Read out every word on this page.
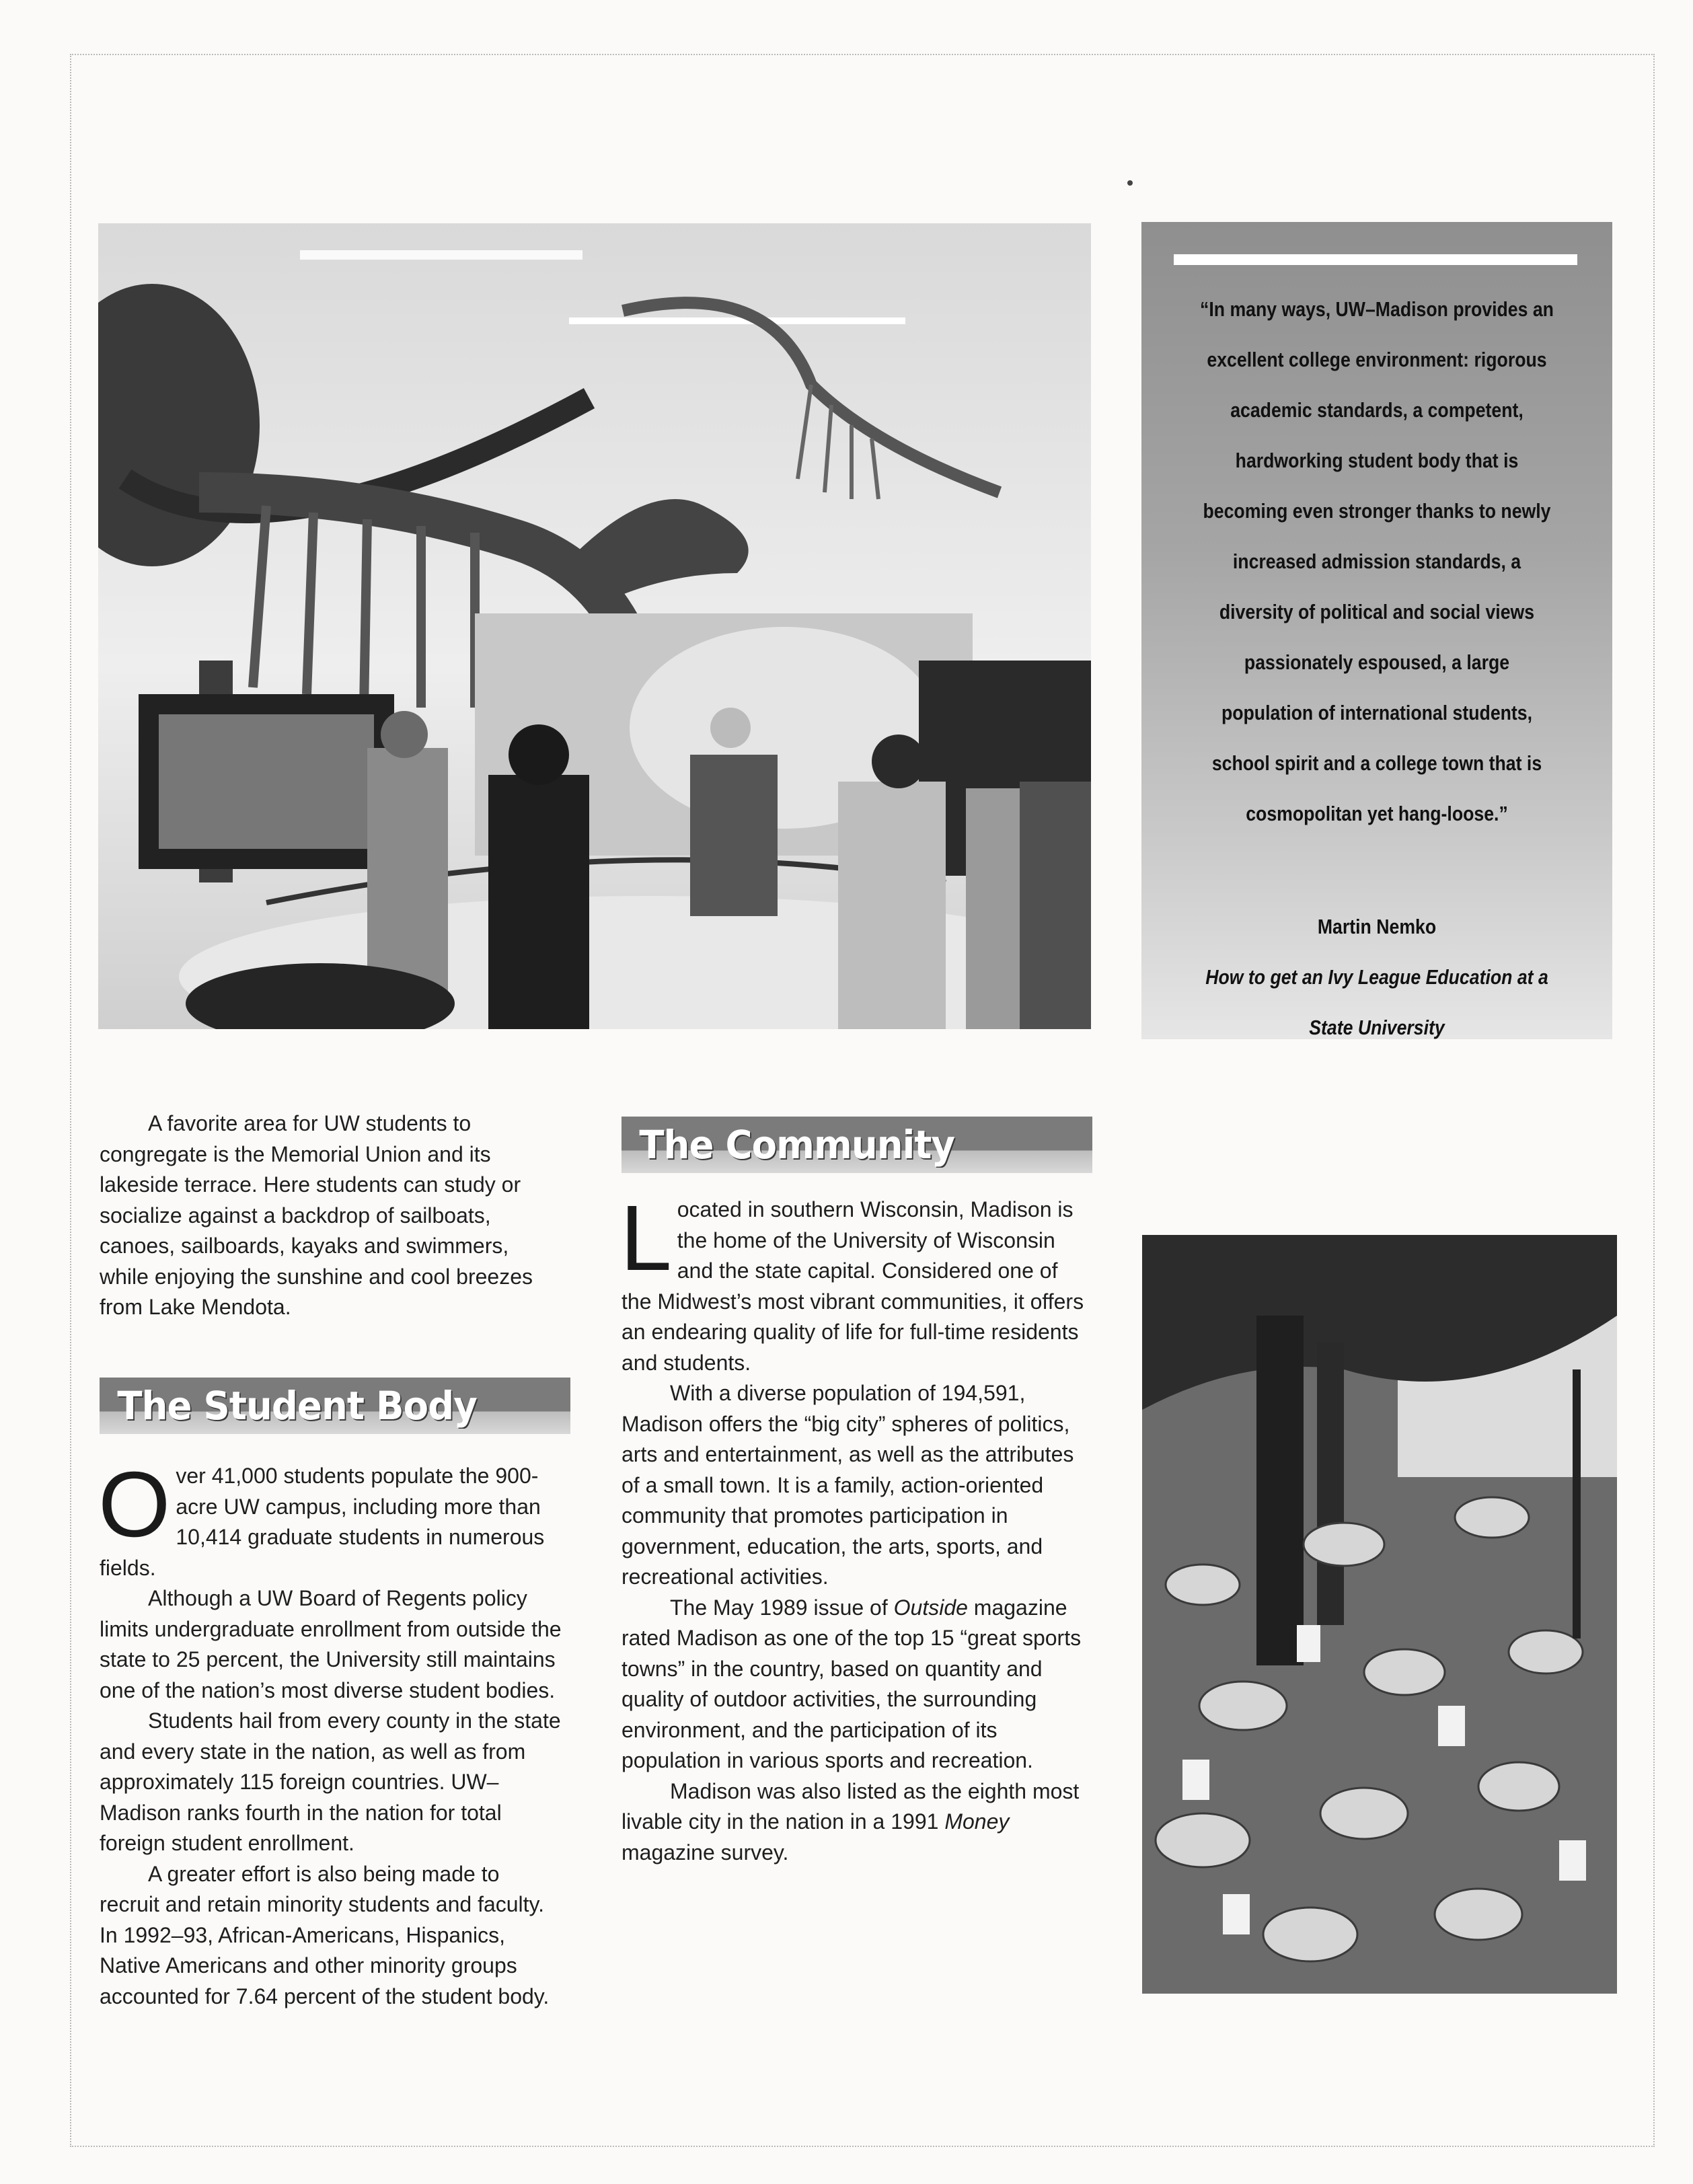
“In many ways, UW–Madison provides an excellent college environment: rigorous academic standards, a competent, hardworking student body that is becoming even stronger thanks to newly increased admission standards, a diversity of political and social views passionately espoused, a large population of international students, school spirit and a college town that is cosmopolitan yet hang-loose.”

Martin Nemko
How to get an Ivy League Education at a State University

A favorite area for UW students to congregate is the Memorial Union and its lakeside terrace. Here students can study or socialize against a backdrop of sailboats, canoes, sailboards, kayaks and swimmers, while enjoying the sunshine and cool breezes from Lake Mendota.

The Student Body

Over 41,000 students populate the 900-acre UW campus, including more than 10,414 graduate students in numerous fields.

Although a UW Board of Regents policy limits undergraduate enrollment from outside the state to 25 percent, the University still maintains one of the nation’s most diverse student bodies.

Students hail from every county in the state and every state in the nation, as well as from approximately 115 foreign countries. UW–Madison ranks fourth in the nation for total foreign student enrollment.

A greater effort is also being made to recruit and retain minority students and faculty. In 1992–93, African-Americans, Hispanics, Native Americans and other minority groups accounted for 7.64 percent of the student body.

The Community

Located in southern Wisconsin, Madison is the home of the University of Wisconsin and the state capital. Considered one of the Midwest’s most vibrant communities, it offers an endearing quality of life for full-time residents and students.

With a diverse population of 194,591, Madison offers the “big city” spheres of politics, arts and entertainment, as well as the attributes of a small town. It is a family, action-oriented community that promotes participation in government, education, the arts, sports, and recreational activities.

The May 1989 issue of Outside magazine rated Madison as one of the top 15 “great sports towns” in the country, based on quantity and quality of outdoor activities, the surrounding environment, and the participation of its population in various sports and recreation.

Madison was also listed as the eighth most livable city in the nation in a 1991 Money magazine survey.
